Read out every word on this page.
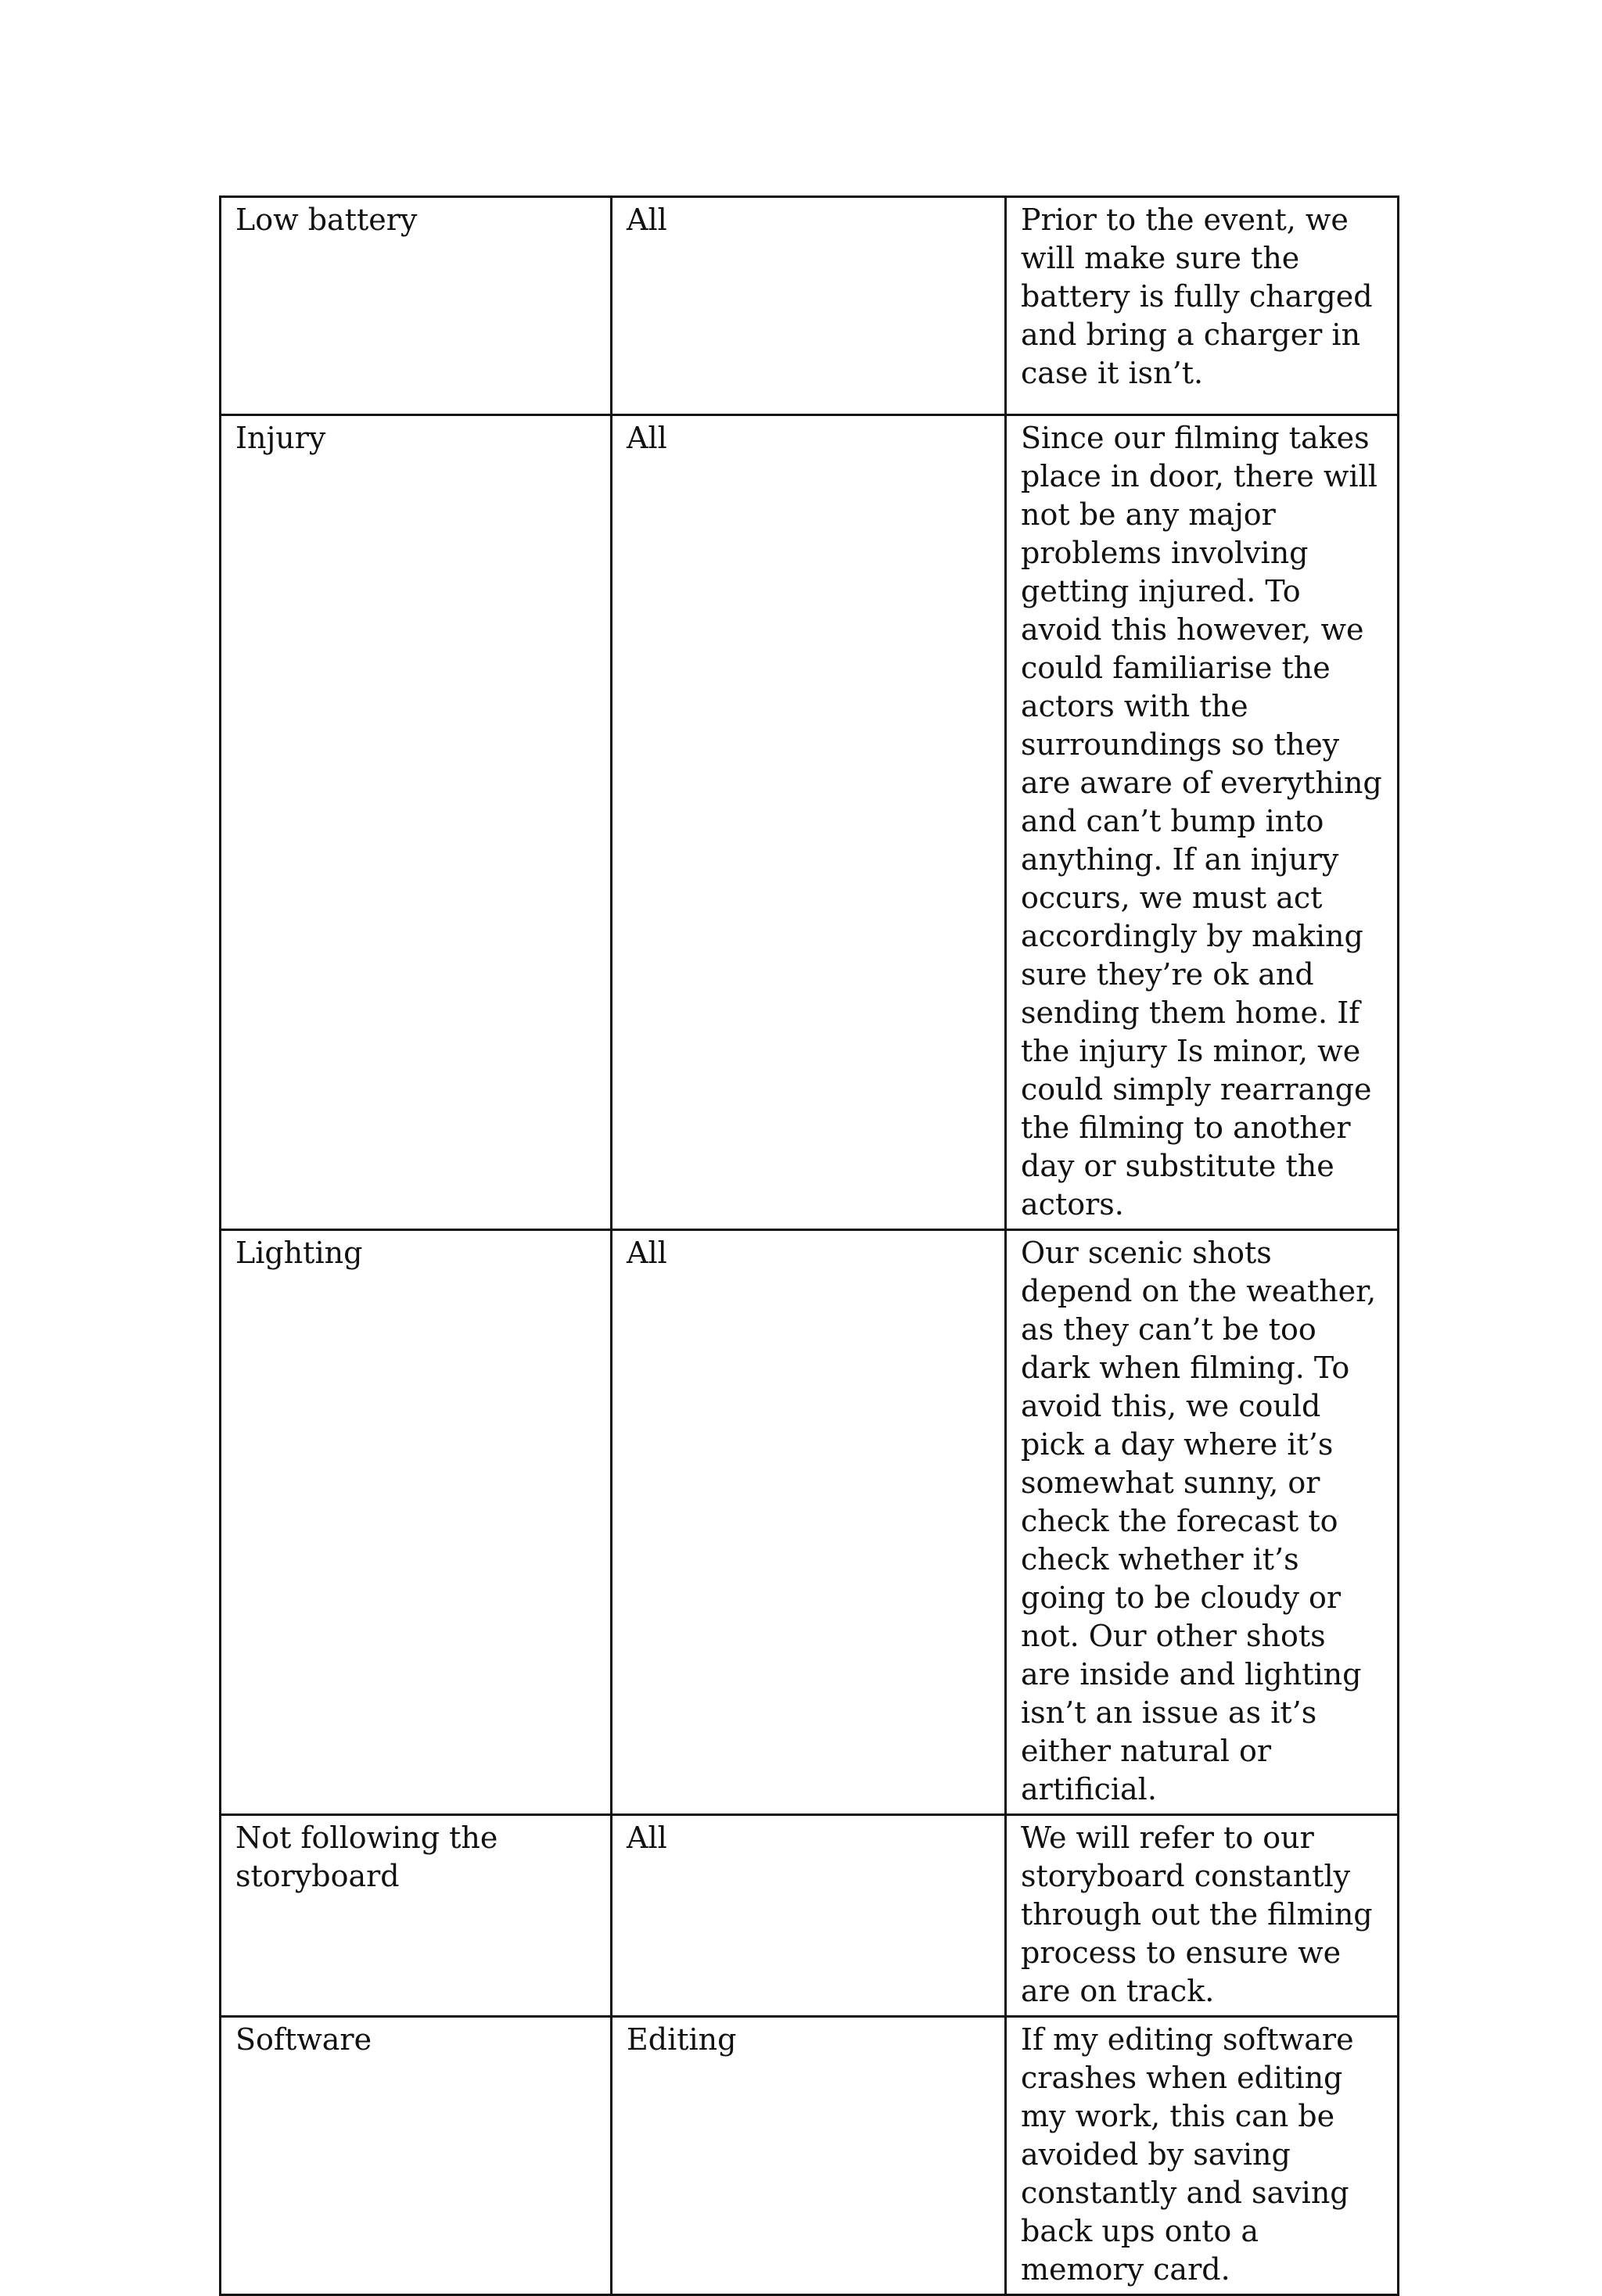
Low battery	All	Prior to the event, we will make sure the battery is fully charged and bring a charger in case it isn’t.
Injury	All	Since our filming takes place in door, there will not be any major problems involving getting injured. To avoid this however, we could familiarise the actors with the surroundings so they are aware of everything and can’t bump into anything. If an injury occurs, we must act accordingly by making sure they’re ok and sending them home. If the injury Is minor, we could simply rearrange the filming to another day or substitute the actors.
Lighting	All	Our scenic shots depend on the weather, as they can’t be too dark when filming. To avoid this, we could pick a day where it’s somewhat sunny, or check the forecast to check whether it’s going to be cloudy or not. Our other shots are inside and lighting isn’t an issue as it’s either natural or artificial.
Not following the storyboard	All	We will refer to our storyboard constantly through out the filming process to ensure we are on track.
Software	Editing	If my editing software crashes when editing my work, this can be avoided by saving constantly and saving back ups onto a memory card.
